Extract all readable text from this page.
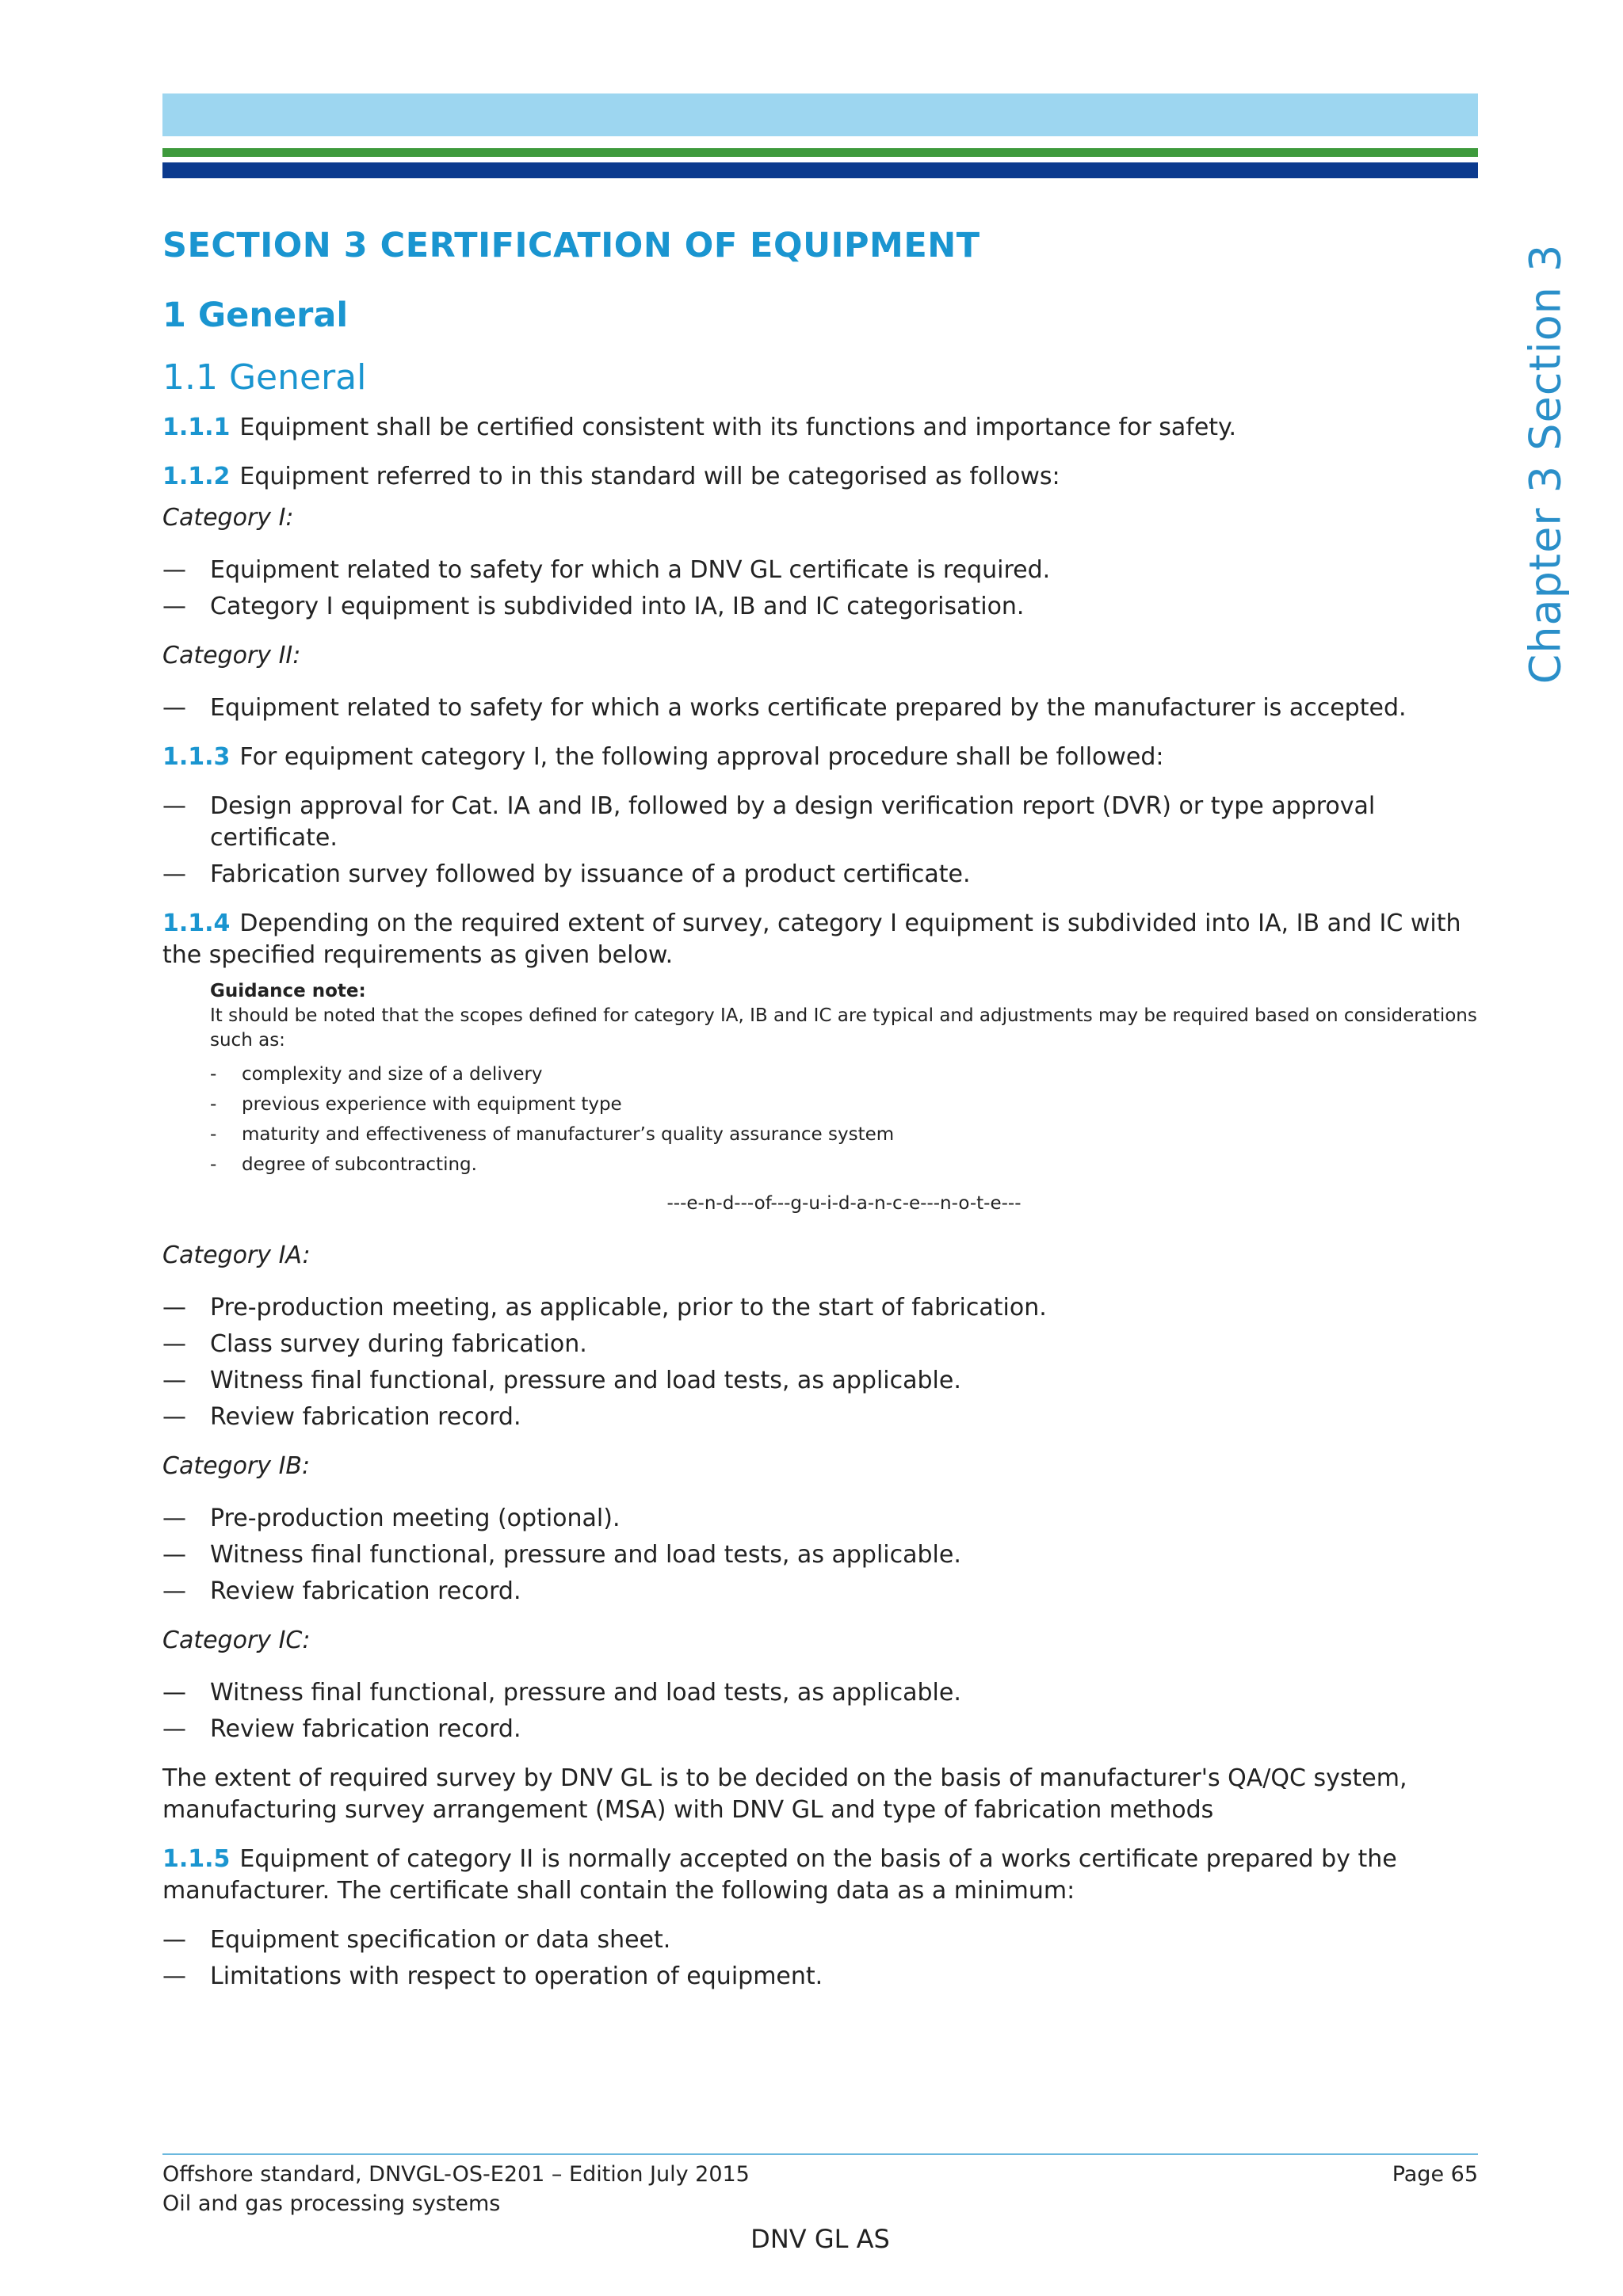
Chapter 3 Section 3
SECTION 3 CERTIFICATION OF EQUIPMENT
1 General
1.1 General

1.1.1 Equipment shall be certified consistent with its functions and importance for safety.

1.1.2 Equipment referred to in this standard will be categorised as follows:

Category I:
— Equipment related to safety for which a DNV GL certificate is required.
— Category I equipment is subdivided into IA, IB and IC categorisation.
Category II:
— Equipment related to safety for which a works certificate prepared by the manufacturer is accepted.

1.1.3 For equipment category I, the following approval procedure shall be followed:

— Design approval for Cat. IA and IB, followed by a design verification report (DVR) or type approval certificate.
— Fabrication survey followed by issuance of a product certificate.

1.1.4 Depending on the required extent of survey, category I equipment is subdivided into IA, IB and IC with the specified requirements as given below.

Guidance note:
It should be noted that the scopes defined for category IA, IB and IC are typical and adjustments may be required based on considerations such as:
- complexity and size of a delivery
- previous experience with equipment type
- maturity and effectiveness of manufacturer’s quality assurance system
- degree of subcontracting.
---e-n-d---of---g-u-i-d-a-n-c-e---n-o-t-e---
Category IA:
— Pre-production meeting, as applicable, prior to the start of fabrication.
— Class survey during fabrication.
— Witness final functional, pressure and load tests, as applicable.
— Review fabrication record.
Category IB:
— Pre-production meeting (optional).
— Witness final functional, pressure and load tests, as applicable.
— Review fabrication record.
Category IC:
— Witness final functional, pressure and load tests, as applicable.
— Review fabrication record.

The extent of required survey by DNV GL is to be decided on the basis of manufacturer's QA/QC system, manufacturing survey arrangement (MSA) with DNV GL and type of fabrication methods

1.1.5 Equipment of category II is normally accepted on the basis of a works certificate prepared by the manufacturer. The certificate shall contain the following data as a minimum:

— Equipment specification or data sheet.
— Limitations with respect to operation of equipment.
Offshore standard, DNVGL-OS-E201 – Edition July 2015
Oil and gas processing systems
Page 65
DNV GL AS
